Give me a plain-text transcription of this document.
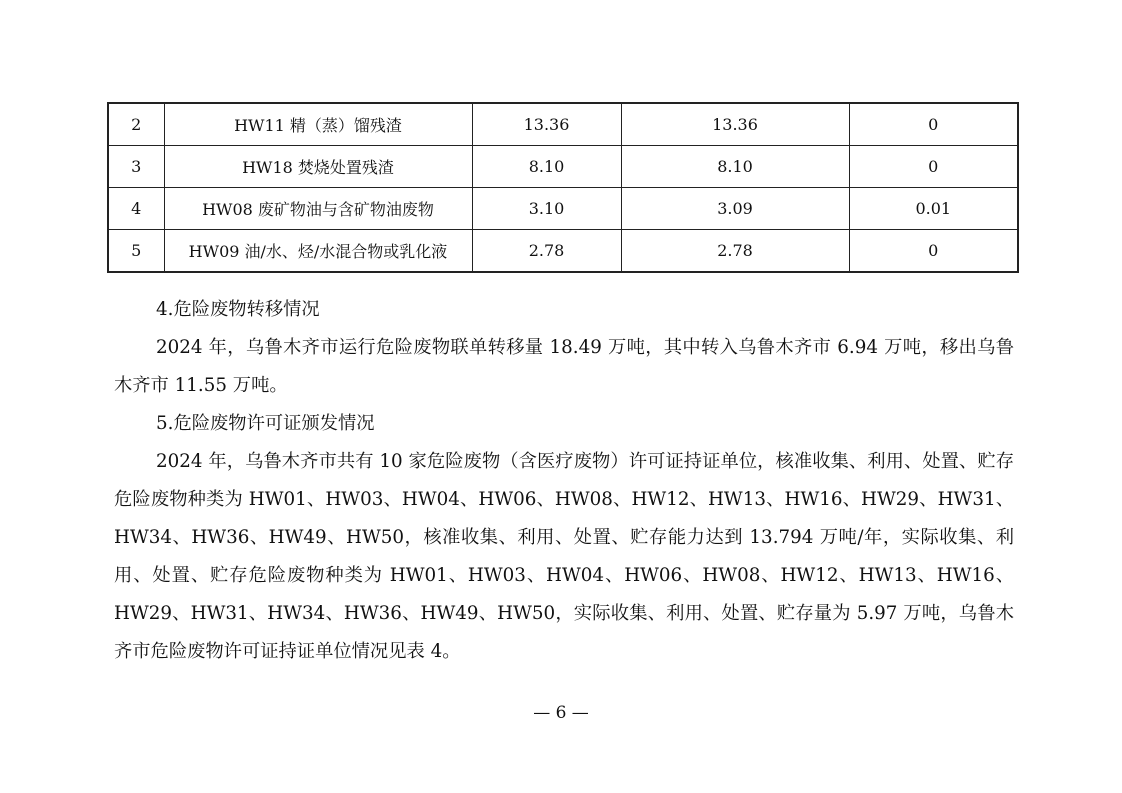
2	HW11 精（蒸）馏残渣	13.36	13.36	0
3	HW18 焚烧处置残渣	8.10	8.10	0
4	HW08 废矿物油与含矿物油废物	3.10	3.09	0.01
5	HW09 油/水、烃/水混合物或乳化液	2.78	2.78	0

4.危险废物转移情况

2024 年，乌鲁木齐市运行危险废物联单转移量 18.49 万吨，其中转入乌鲁木齐市 6.94 万吨，移出乌鲁木齐市 11.55 万吨。

5.危险废物许可证颁发情况

2024 年，乌鲁木齐市共有 10 家危险废物（含医疗废物）许可证持证单位，核准收集、利用、处置、贮存危险废物种类为 HW01、HW03、HW04、HW06、HW08、HW12、HW13、HW16、HW29、HW31、HW34、HW36、HW49、HW50，核准收集、利用、处置、贮存能力达到 13.794 万吨/年，实际收集、利用、处置、贮存危险废物种类为 HW01、HW03、HW04、HW06、HW08、HW12、HW13、HW16、HW29、HW31、HW34、HW36、HW49、HW50，实际收集、利用、处置、贮存量为 5.97 万吨，乌鲁木齐市危险废物许可证持证单位情况见表 4。

— 6 —
